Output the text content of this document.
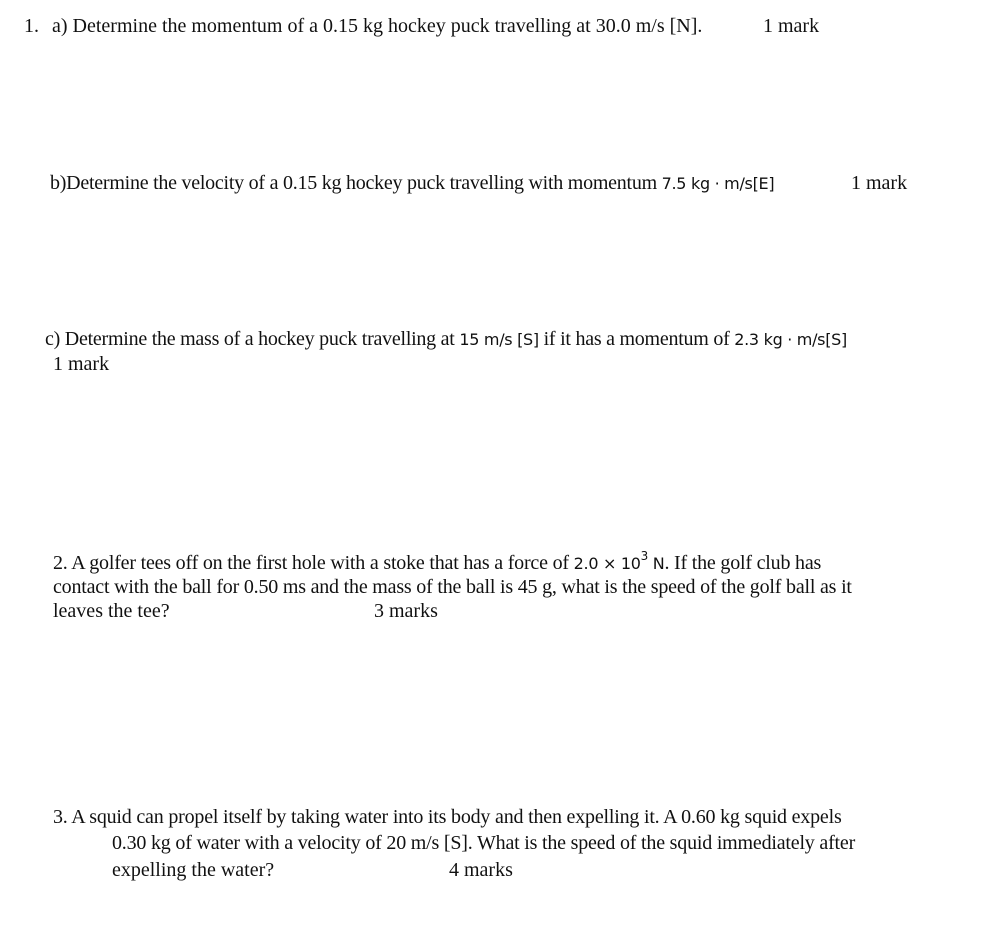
1. a) Determine the momentum of a 0.15 kg hockey puck travelling at 30.0 m/s [N].	1 mark
b)Determine the velocity of a 0.15 kg hockey puck travelling with momentum 7.5 kg · m/s[E]	1 mark
c) Determine the mass of a hockey puck travelling at 15 m/s [S] if it has a momentum of 2.3 kg · m/s[S]
1 mark
2. A golfer tees off on the first hole with a stoke that has a force of $2.0 \times 10^3$ N. If the golf club has
contact with the ball for 0.50 ms and the mass of the ball is 45 g, what is the speed of the golf ball as it
leaves the tee?	3 marks
3. A squid can propel itself by taking water into its body and then expelling it. A 0.60 kg squid expels
0.30 kg of water with a velocity of 20 m/s [S]. What is the speed of the squid immediately after
expelling the water?	4 marks
